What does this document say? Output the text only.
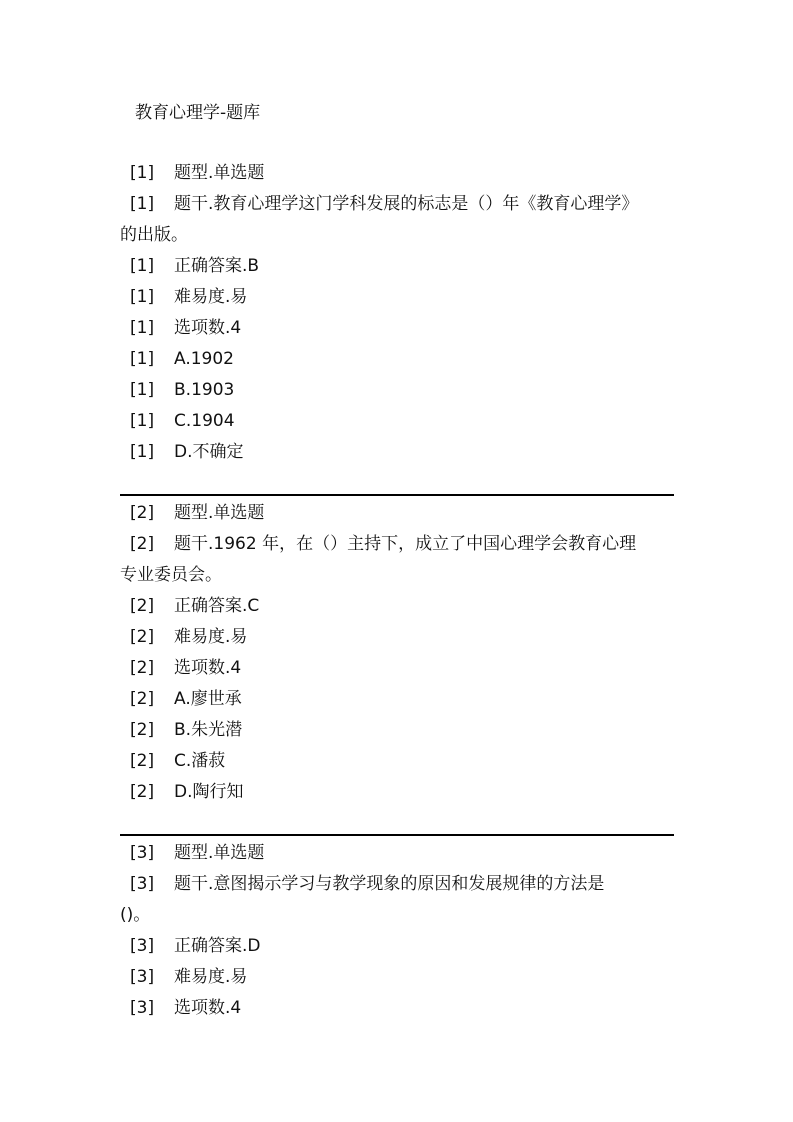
教育心理学-题库
[1] 题型.单选题
[1] 题干.教育心理学这门学科发展的标志是（）年《教育心理学》
的出版。
[1] 正确答案.B
[1] 难易度.易
[1] 选项数.4
[1] A.1902
[1] B.1903
[1] C.1904
[1] D.不确定
[2] 题型.单选题
[2] 题干.1962 年，在（）主持下，成立了中国心理学会教育心理
专业委员会。
[2] 正确答案.C
[2] 难易度.易
[2] 选项数.4
[2] A.廖世承
[2] B.朱光潜
[2] C.潘菽
[2] D.陶行知
[3] 题型.单选题
[3] 题干.意图揭示学习与教学现象的原因和发展规律的方法是
()。
[3] 正确答案.D
[3] 难易度.易
[3] 选项数.4
